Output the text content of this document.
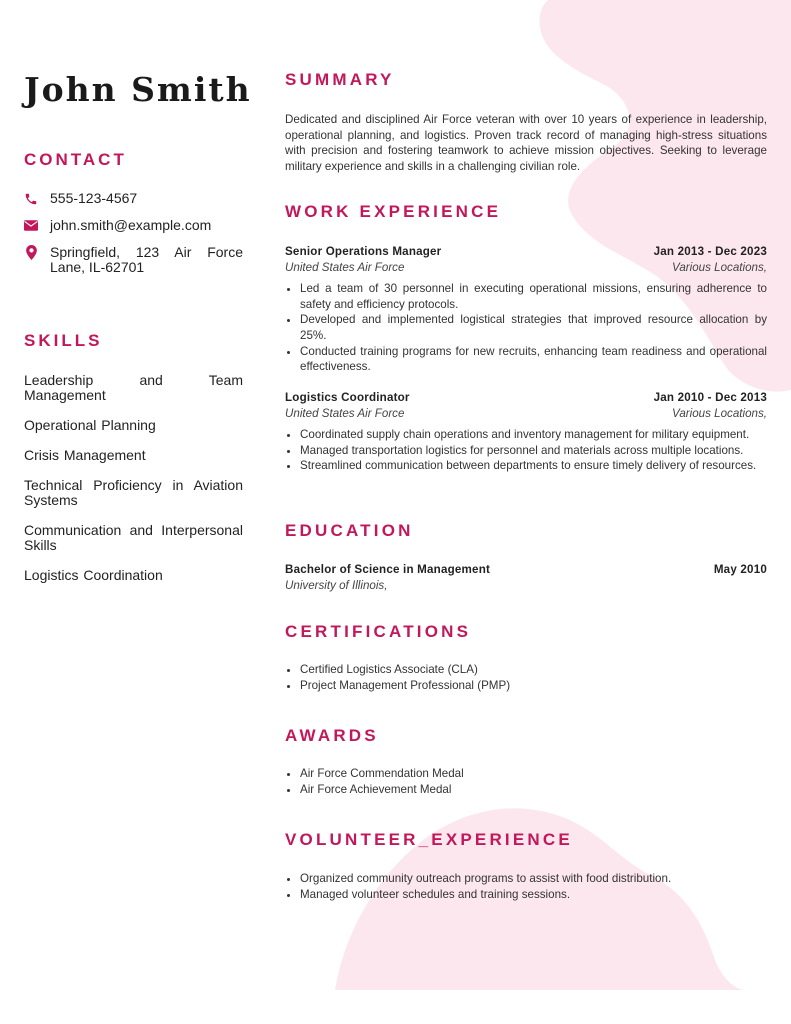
John Smith
CONTACT
555-123-4567
john.smith@example.com
Springfield, 123 Air Force Lane, IL-62701
SKILLS
Leadership and Team Management
Operational Planning
Crisis Management
Technical Proficiency in Aviation Systems
Communication and Interpersonal Skills
Logistics Coordination
SUMMARY

Dedicated and disciplined Air Force veteran with over 10 years of experience in leadership, operational planning, and logistics. Proven track record of managing high-stress situations with precision and fostering teamwork to achieve mission objectives. Seeking to leverage military experience and skills in a challenging civilian role.

WORK EXPERIENCE
Senior Operations Manager	Jan 2013 - Dec 2023
United States Air Force	Various Locations,
• Led a team of 30 personnel in executing operational missions, ensuring adherence to safety and efficiency protocols.
• Developed and implemented logistical strategies that improved resource allocation by 25%.
• Conducted training programs for new recruits, enhancing team readiness and operational effectiveness.
Logistics Coordinator	Jan 2010 - Dec 2013
United States Air Force	Various Locations,
• Coordinated supply chain operations and inventory management for military equipment.
• Managed transportation logistics for personnel and materials across multiple locations.
• Streamlined communication between departments to ensure timely delivery of resources.
EDUCATION
Bachelor of Science in Management	May 2010
University of Illinois,
CERTIFICATIONS
• Certified Logistics Associate (CLA)
• Project Management Professional (PMP)
AWARDS
• Air Force Commendation Medal
• Air Force Achievement Medal
VOLUNTEER_EXPERIENCE
• Organized community outreach programs to assist with food distribution.
• Managed volunteer schedules and training sessions.
